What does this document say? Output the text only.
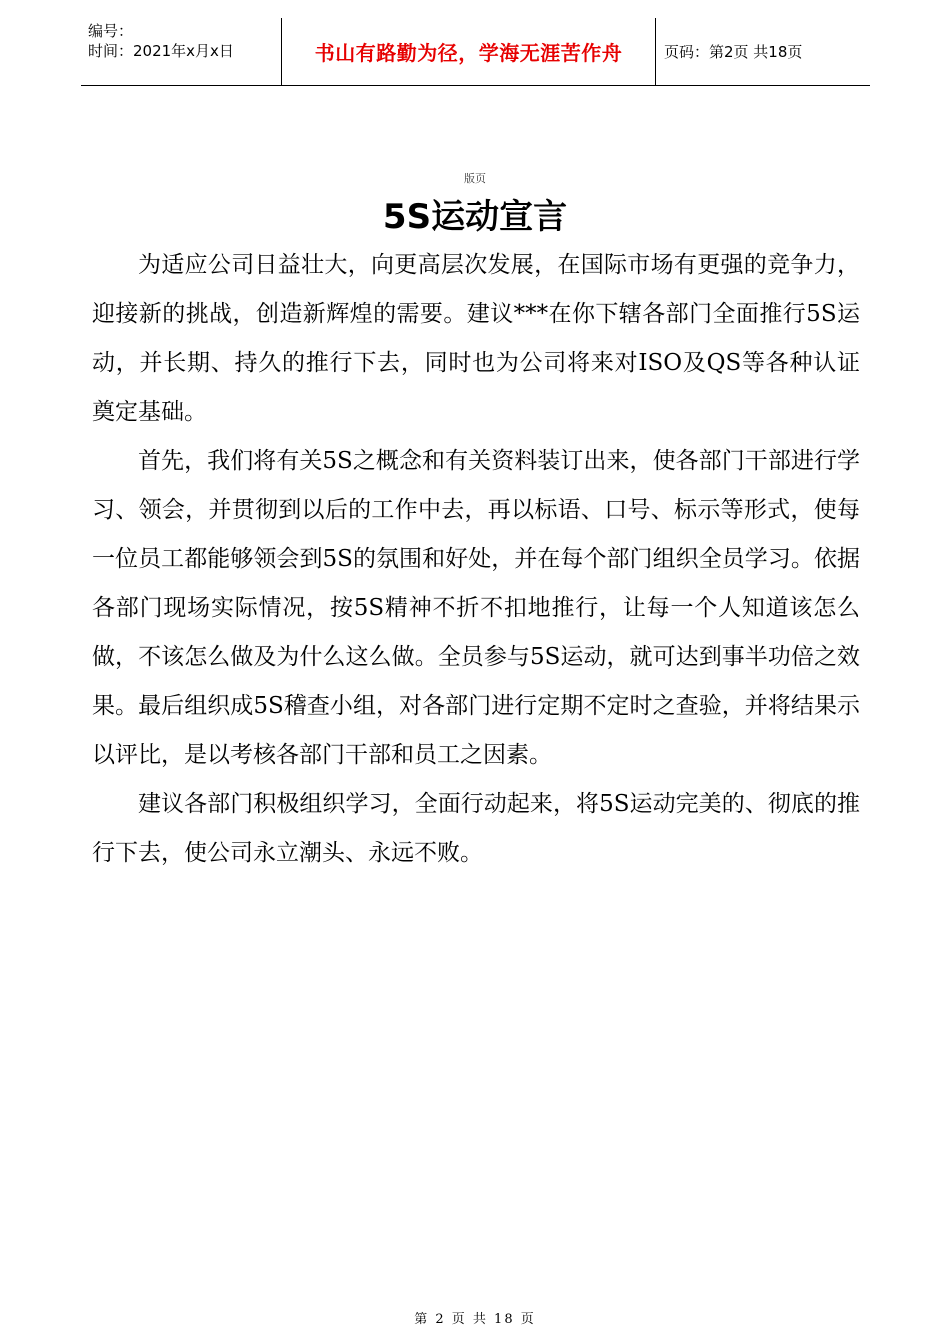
编号：
时间：2021年x月x日	书山有路勤为径，学海无涯苦作舟	页码：第2页 共18页
版页
5S运动宣言

为适应公司日益壮大，向更高层次发展，在国际市场有更强的竞争力，迎接新的挑战，创造新辉煌的需要。建议***在你下辖各部门全面推行5S运动，并长期、持久的推行下去，同时也为公司将来对ISO及QS等各种认证奠定基础。

首先，我们将有关5S之概念和有关资料装订出来，使各部门干部进行学习、领会，并贯彻到以后的工作中去，再以标语、口号、标示等形式，使每一位员工都能够领会到5S的氛围和好处，并在每个部门组织全员学习。依据各部门现场实际情况，按5S精神不折不扣地推行，让每一个人知道该怎么做，不该怎么做及为什么这么做。全员参与5S运动，就可达到事半功倍之效果。最后组织成5S稽查小组，对各部门进行定期不定时之查验，并将结果示以评比，是以考核各部门干部和员工之因素。

建议各部门积极组织学习，全面行动起来，将5S运动完美的、彻底的推行下去，使公司永立潮头、永远不败。

第 2 页 共 18 页
